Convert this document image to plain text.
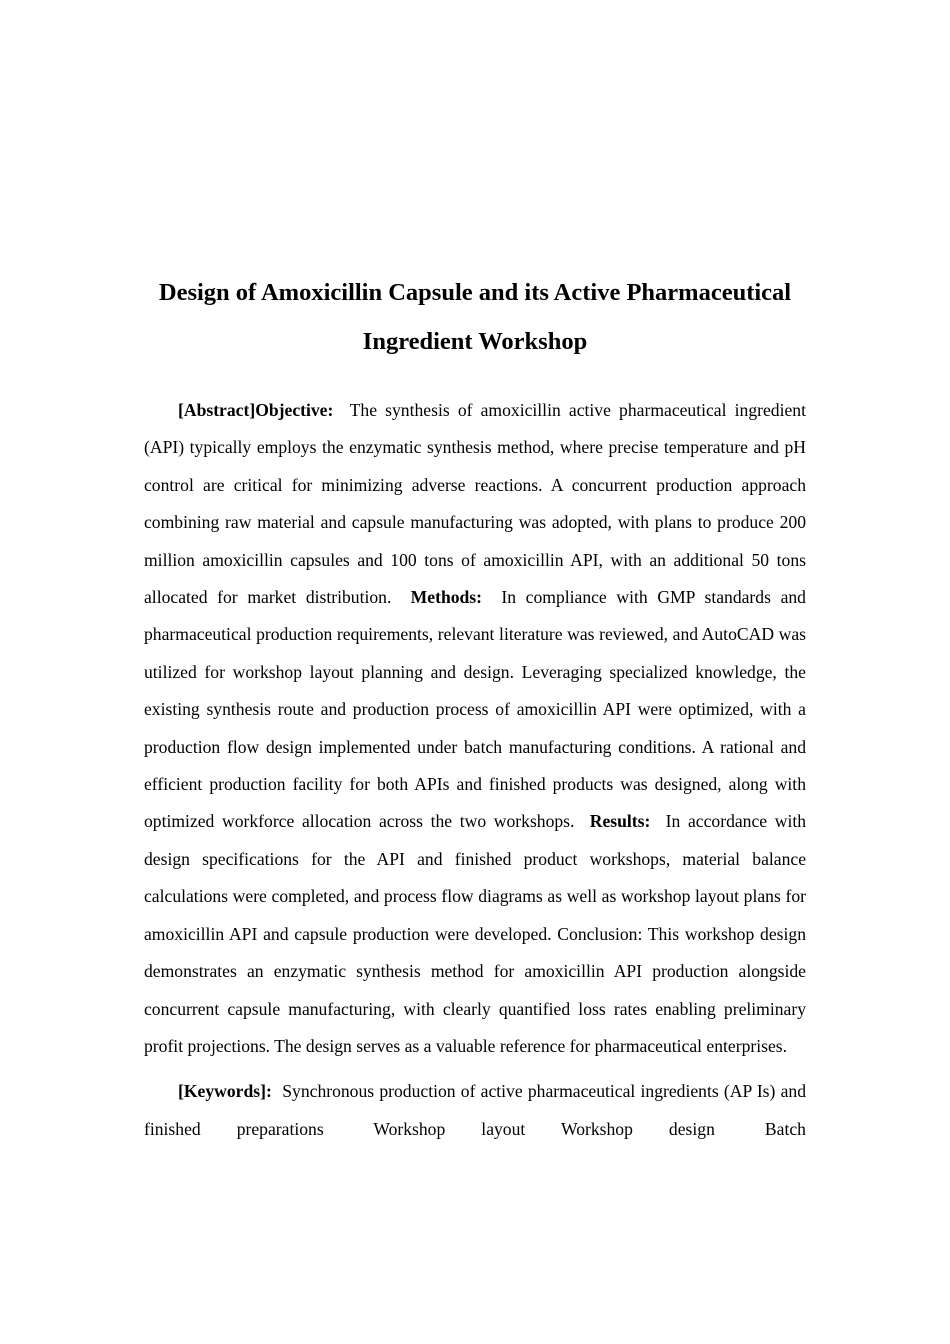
Design of Amoxicillin Capsule and its Active Pharmaceutical
Ingredient Workshop

[Abstract]Objective: The synthesis of amoxicillin active pharmaceutical ingredient (API) typically employs the enzymatic synthesis method, where precise temperature and pH control are critical for minimizing adverse reactions. A concurrent production approach combining raw material and capsule manufacturing was adopted, with plans to produce 200 million amoxicillin capsules and 100 tons of amoxicillin API, with an additional 50 tons allocated for market distribution. Methods: In compliance with GMP standards and pharmaceutical production requirements, relevant literature was reviewed, and AutoCAD was utilized for workshop layout planning and design. Leveraging specialized knowledge, the existing synthesis route and production process of amoxicillin API were optimized, with a production flow design implemented under batch manufacturing conditions. A rational and efficient production facility for both APIs and finished products was designed, along with optimized workforce allocation across the two workshops. Results: In accordance with design specifications for the API and finished product workshops, material balance calculations were completed, and process flow diagrams as well as workshop layout plans for amoxicillin API and capsule production were developed. Conclusion: This workshop design demonstrates an enzymatic synthesis method for amoxicillin API production alongside concurrent capsule manufacturing, with clearly quantified loss rates enabling preliminary profit projections. The design serves as a valuable reference for pharmaceutical enterprises.

[Keywords]: Synchronous production of active pharmaceutical ingredients (AP Is) and finished preparations	Workshop layout Workshop design	Batch
